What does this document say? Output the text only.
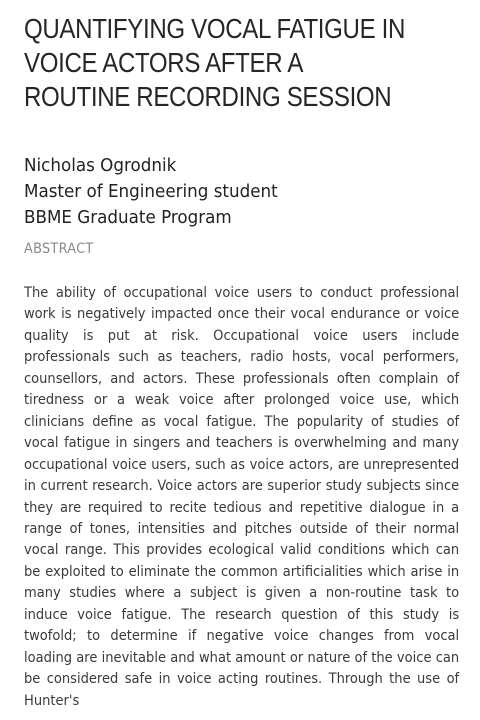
QUANTIFYING VOCAL FATIGUE IN
VOICE ACTORS AFTER A
ROUTINE RECORDING SESSION
Nicholas Ogrodnik
Master of Engineering student
BBME Graduate Program
ABSTRACT

The ability of occupational voice users to conduct professional work is negatively impacted once their vocal endurance or voice quality is put at risk. Occupational voice users include professionals such as teachers, radio hosts, vocal performers, counsellors, and actors. These professionals often complain of tiredness or a weak voice after prolonged voice use, which clinicians define as vocal fatigue. The popularity of studies of vocal fatigue in singers and teachers is overwhelming and many occupational voice users, such as voice actors, are unrepresented in current research. Voice actors are superior study subjects since they are required to recite tedious and repetitive dialogue in a range of tones, intensities and pitches outside of their normal vocal range. This provides ecological valid conditions which can be exploited to eliminate the common artificialities which arise in many studies where a subject is given a non-routine task to induce voice fatigue. The research question of this study is twofold; to determine if negative voice changes from vocal loading are inevitable and what amount or nature of the voice can be considered safe in voice acting routines. Through the use of Hunter's
